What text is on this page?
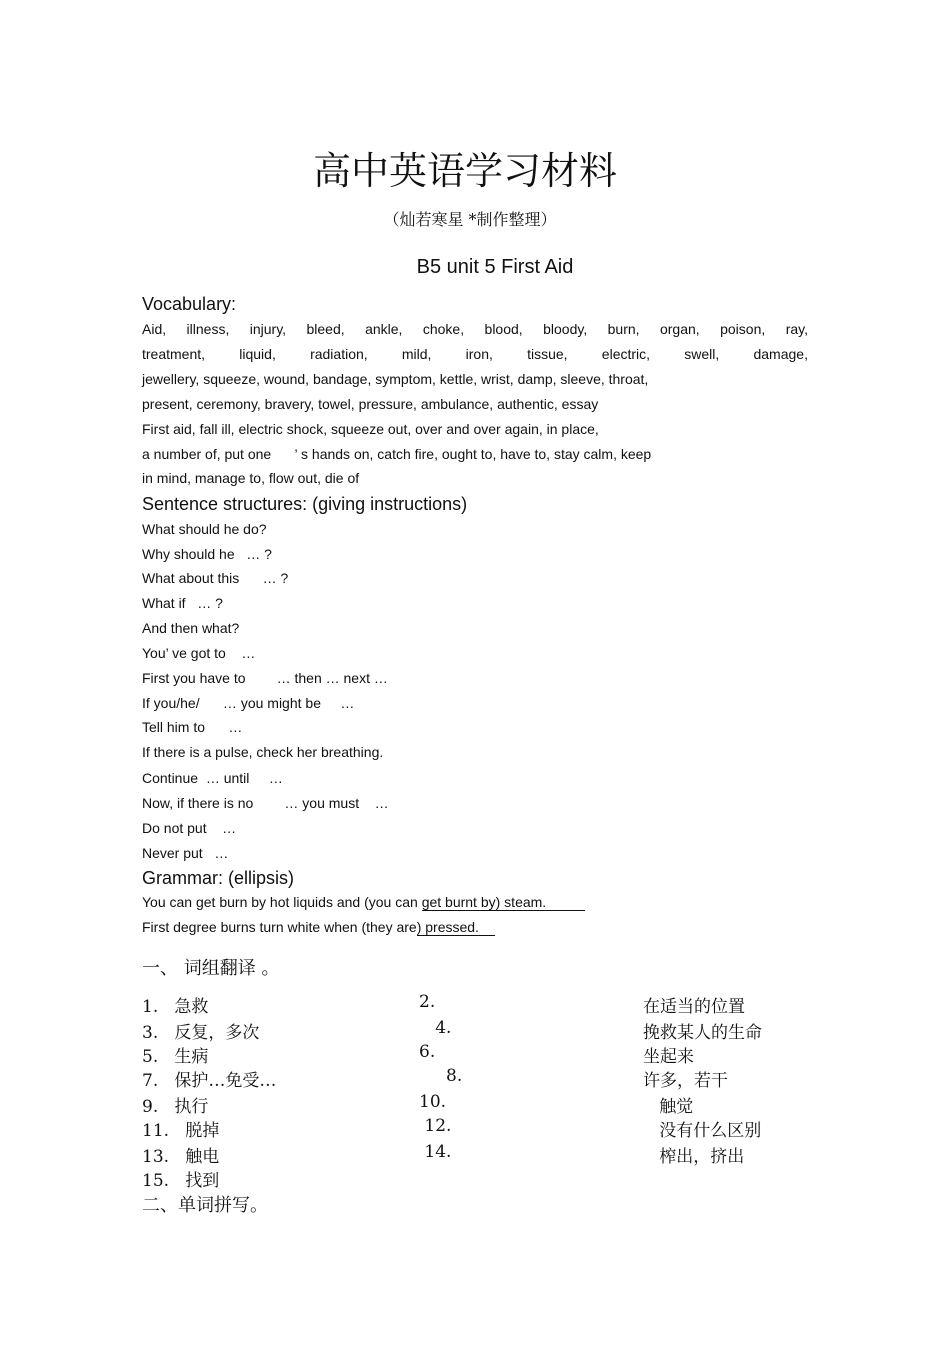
高中英语学习材料
（灿若寒星 *制作整理）
B5 unit 5 First Aid
Vocabulary:
Aid, illness, injury, bleed, ankle, choke, blood, bloody, burn, organ, poison, ray,
treatment, liquid, radiation, mild, iron, tissue, electric, swell, damage,
jewellery, squeeze, wound, bandage, symptom, kettle, wrist, damp, sleeve, throat,
present, ceremony, bravery, towel, pressure, ambulance, authentic, essay
First aid, fall ill, electric shock, squeeze out, over and over again, in place,
a number of, put one      ’ s hands on, catch fire, ought to, have to, stay calm, keep
in mind, manage to, flow out, die of
Sentence structures: (giving instructions)
What should he do?
Why should he   … ?
What about this      … ?
What if   … ?
And then what?
You’ ve got to    …
First you have to        … then … next …
If you/he/      … you might be     …
Tell him to      …
If there is a pulse, check her breathing.
Continue  … until     …
Now, if there is no        … you must    …
Do not put    …
Never put   …
Grammar: (ellipsis)
You can get burn by hot liquids and (you can get burnt by) steam.
First degree burns turn white when (they are) pressed.
一、 词组翻译 。
1.   急救	2.	在适当的位置
3.   反复，多次	4.	挽救某人的生命
5.   生病	6.	坐起来
7.   保护…免受…	8.	许多，若干
9.   执行	10.	触觉
11.   脱掉	12.	没有什么区别
13.   触电	14.	榨出，挤出
15.   找到
二、单词拼写。
